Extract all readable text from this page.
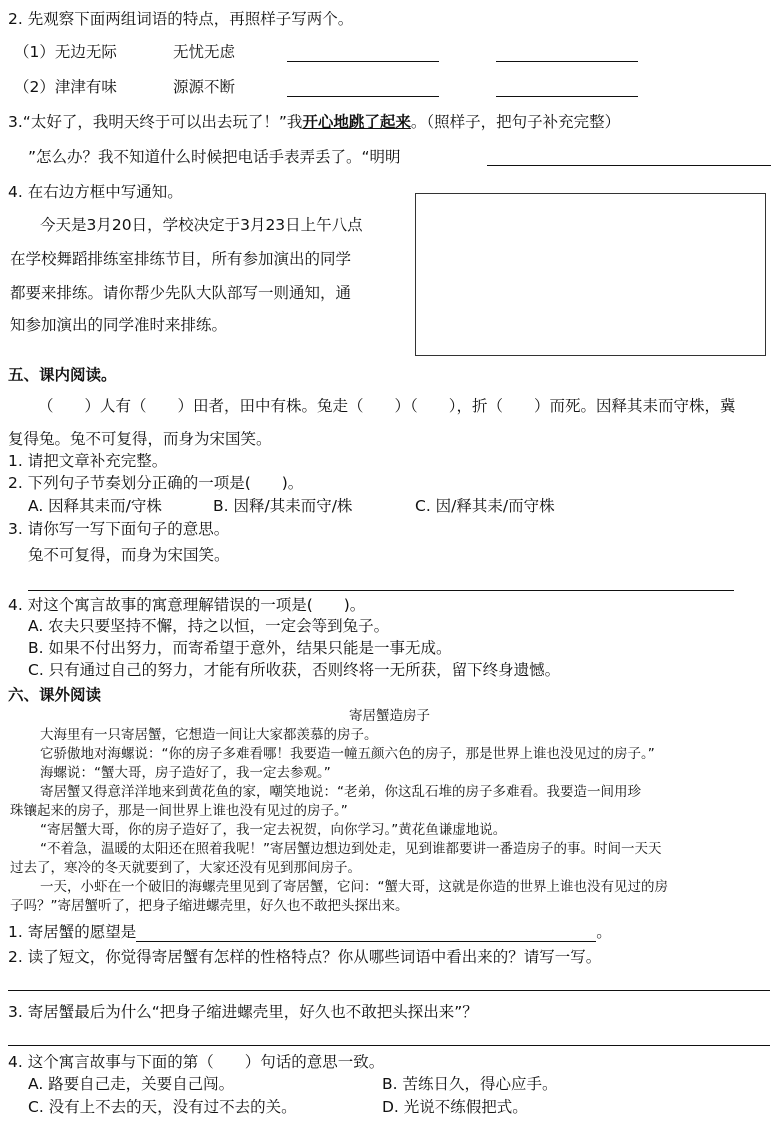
2. 先观察下面两组词语的特点，再照样子写两个。
（1）无边无际	无忧无虑
（2）津津有味	源源不断
3.“太好了，我明天终于可以出去玩了！”我开心地跳了起来。（照样子，把句子补充完整）
”怎么办？我不知道什么时候把电话手表弄丢了。“明明
4. 在右边方框中写通知。
今天是3月20日，学校决定于3月23日上午八点
在学校舞蹈排练室排练节目，所有参加演出的同学
都要来排练。请你帮少先队大队部写一则通知，通
知参加演出的同学准时来排练。
五、课内阅读。
（　　）人有（　　）田者，田中有株。兔走（　　）（　　），折（　　）而死。因释其耒而守株，冀
复得兔。兔不可复得，而身为宋国笑。
1. 请把文章补充完整。
2. 下列句子节奏划分正确的一项是(　　)。
A. 因释其耒而/守株	B. 因释/其耒而守/株	C. 因/释其耒/而守株
3. 请你写一写下面句子的意思。
兔不可复得，而身为宋国笑。
4. 对这个寓言故事的寓意理解错误的一项是(　　)。
A. 农夫只要坚持不懈，持之以恒，一定会等到兔子。
B. 如果不付出努力，而寄希望于意外，结果只能是一事无成。
C. 只有通过自己的努力，才能有所收获，否则终将一无所获，留下终身遗憾。
六、课外阅读
寄居蟹造房子
大海里有一只寄居蟹，它想造一间让大家都羡慕的房子。
它骄傲地对海螺说：“你的房子多难看哪！我要造一幢五颜六色的房子，那是世界上谁也没见过的房子。”
海螺说：“蟹大哥，房子造好了，我一定去参观。”
寄居蟹又得意洋洋地来到黄花鱼的家，嘲笑地说：“老弟，你这乱石堆的房子多难看。我要造一间用珍
珠镶起来的房子，那是一间世界上谁也没有见过的房子。”
“寄居蟹大哥，你的房子造好了，我一定去祝贺，向你学习。”黄花鱼谦虚地说。
“不着急，温暖的太阳还在照着我呢！”寄居蟹边想边到处走，见到谁都要讲一番造房子的事。时间一天天
过去了，寒冷的冬天就要到了，大家还没有见到那间房子。
一天，小虾在一个破旧的海螺壳里见到了寄居蟹，它问：“蟹大哥，这就是你造的世界上谁也没有见过的房
子吗？”寄居蟹听了，把身子缩进螺壳里，好久也不敢把头探出来。
1. 寄居蟹的愿望是	。
2. 读了短文，你觉得寄居蟹有怎样的性格特点？你从哪些词语中看出来的？请写一写。
3. 寄居蟹最后为什么“把身子缩进螺壳里，好久也不敢把头探出来”？
4. 这个寓言故事与下面的第（　　）句话的意思一致。
A. 路要自己走，关要自己闯。	B. 苦练日久，得心应手。
C. 没有上不去的天，没有过不去的关。	D. 光说不练假把式。
